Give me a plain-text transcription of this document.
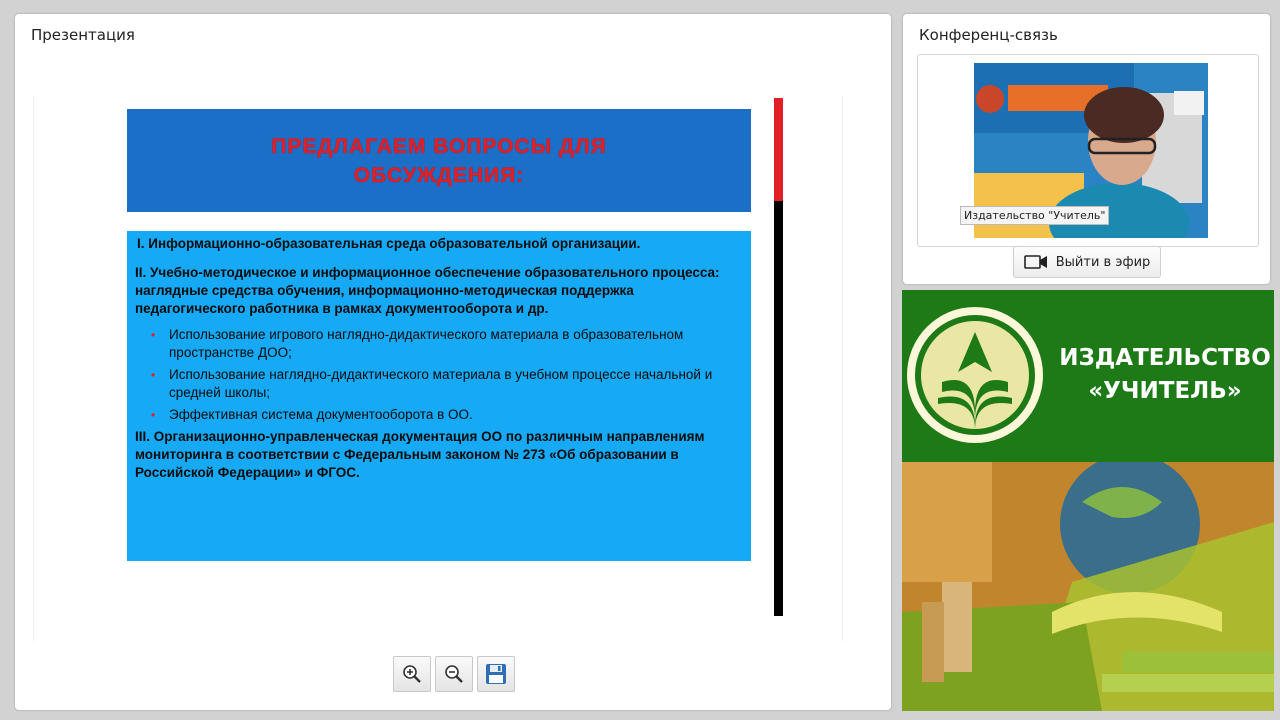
Презентация
ПРЕДЛАГАЕМ ВОПРОСЫ ДЛЯ ОБСУЖДЕНИЯ:

I. Информационно-образовательная среда образовательной организации.

II. Учебно-методическое и информационное обеспечение образовательного процесса: наглядные средства обучения, информационно-методическая поддержка педагогического работника в рамках документооборота и др.

• Использование игрового наглядно-дидактического материала в образовательном пространстве ДОО;
• Использование наглядно-дидактического материала в учебном процессе начальной и средней школы;
• Эффективная система документооборота в ОО.

III. Организационно-управленческая документация ОО по различным направлениям мониторинга в соответствии с Федеральным законом № 273 «Об образовании в Российской Федерации» и ФГОС.

Конференц-связь
Издательство "Учитель"
Выйти в эфир
ИЗДАТЕЛЬСТВО
«УЧИТЕЛЬ»
